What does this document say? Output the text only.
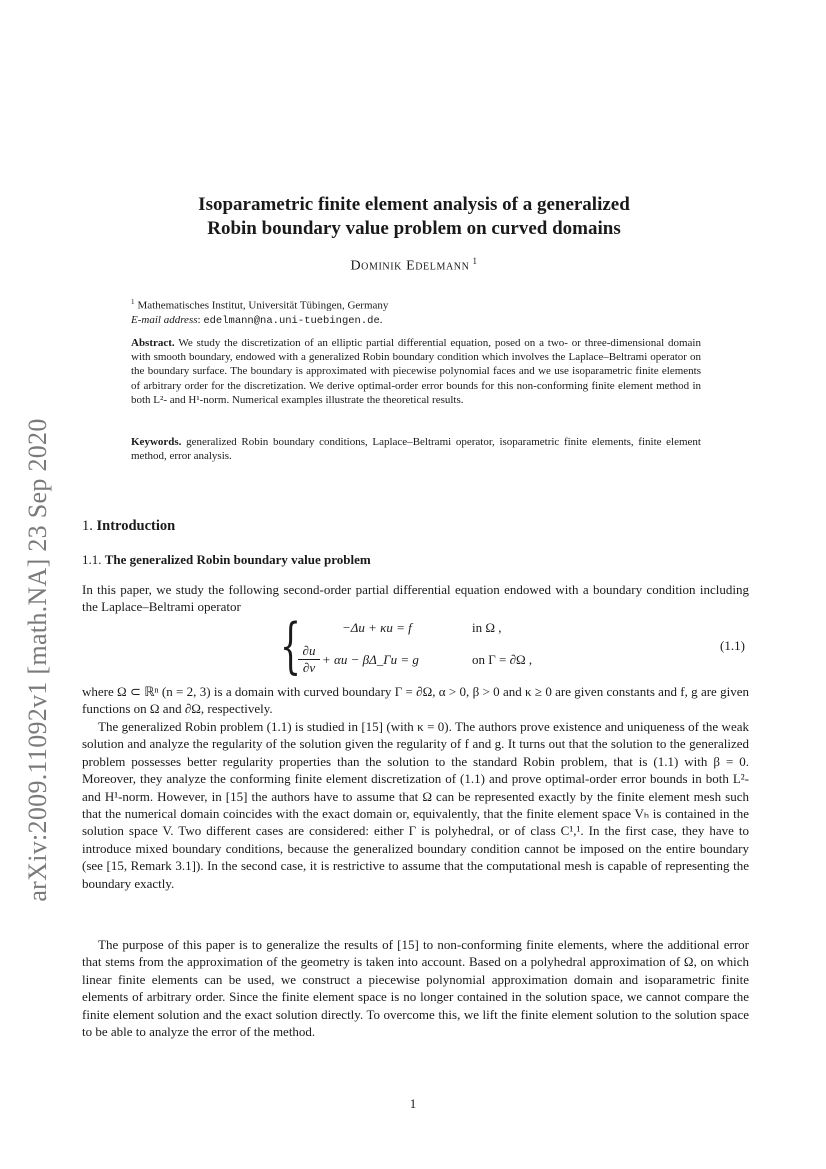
arXiv:2009.11092v1 [math.NA] 23 Sep 2020
Isoparametric finite element analysis of a generalized
Robin boundary value problem on curved domains
Dominik Edelmann $^1$
$^1$ Mathematisches Institut, Universität Tübingen, Germany
E-mail address: edelmann@na.uni-tuebingen.de.
Abstract. We study the discretization of an elliptic partial differential equation, posed on a two- or three-dimensional domain with smooth boundary, endowed with a generalized Robin boundary condition which involves the Laplace–Beltrami operator on the boundary surface. The boundary is approximated with piecewise polynomial faces and we use isoparametric finite elements of arbitrary order for the discretization. We derive optimal-order error bounds for this non-conforming finite element method in both L²- and H¹-norm. Numerical examples illustrate the theoretical results.
Keywords. generalized Robin boundary conditions, Laplace–Beltrami operator, isoparametric finite elements, finite element method, error analysis.
1. Introduction
1.1. The generalized Robin boundary value problem
In this paper, we study the following second-order partial differential equation endowed with a boundary condition including the Laplace–Beltrami operator
{	−Δu + κu = f	in Ω ,
$\frac{\partial u}{\partial\nu} + \alpha u$ − βΔ_Γu = g	on Γ = ∂Ω ,
(1.1)
where Ω ⊂ ℝⁿ (n = 2, 3) is a domain with curved boundary Γ = ∂Ω, α > 0, β > 0 and κ ≥ 0 are given constants and f, g are given functions on Ω and ∂Ω, respectively.
The generalized Robin problem (1.1) is studied in [15] (with κ = 0). The authors prove existence and uniqueness of the weak solution and analyze the regularity of the solution given the regularity of f and g. It turns out that the solution to the generalized problem possesses better regularity properties than the solution to the standard Robin problem, that is (1.1) with β = 0. Moreover, they analyze the conforming finite element discretization of (1.1) and prove optimal-order error bounds in both L²- and H¹-norm. However, in [15] the authors have to assume that Ω can be represented exactly by the finite element mesh such that the numerical domain coincides with the exact domain or, equivalently, that the finite element space Vₕ is contained in the solution space V. Two different cases are considered: either Γ is polyhedral, or of class C¹,¹. In the first case, they have to introduce mixed boundary conditions, because the generalized boundary condition cannot be imposed on the entire boundary (see [15, Remark 3.1]). In the second case, it is restrictive to assume that the computational mesh is capable of representing the boundary exactly.
The purpose of this paper is to generalize the results of [15] to non-conforming finite elements, where the additional error that stems from the approximation of the geometry is taken into account. Based on a polyhedral approximation of Ω, on which linear finite elements can be used, we construct a piecewise polynomial approximation domain and isoparametric finite elements of arbitrary order. Since the finite element space is no longer contained in the solution space, we cannot compare the finite element solution and the exact solution directly. To overcome this, we lift the finite element solution to the solution space to be able to analyze the error of the method.
1
